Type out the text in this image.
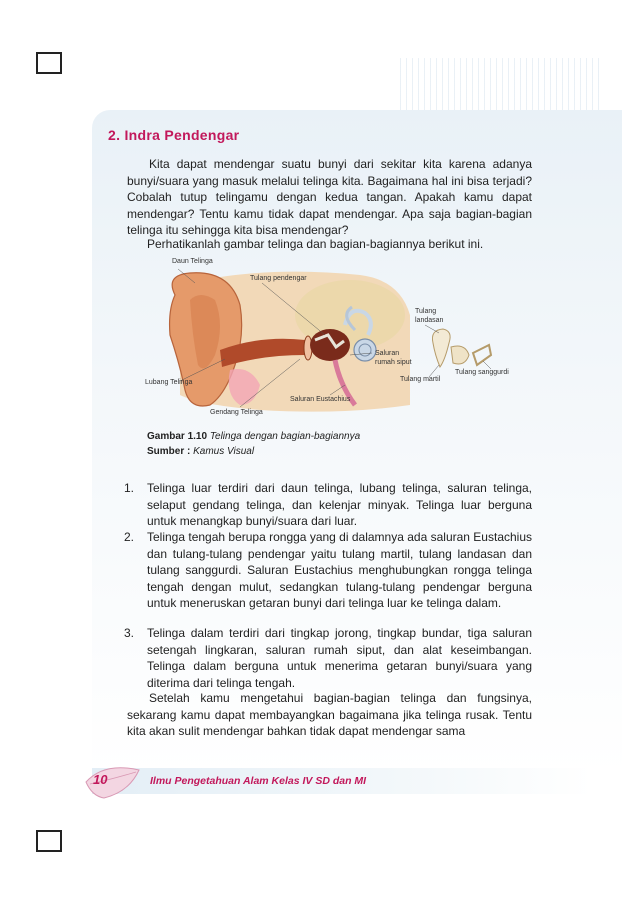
2. Indra Pendengar
Kita dapat mendengar suatu bunyi dari sekitar kita karena adanya bunyi/suara yang masuk melalui telinga kita. Bagaimana hal ini bisa terjadi? Cobalah tutup telingamu dengan kedua tangan. Apakah kamu dapat mendengar? Tentu kamu tidak dapat mendengar. Apa saja bagian-bagian telinga itu sehingga kita bisa mendengar?
Perhatikanlah gambar telinga dan bagian-bagiannya berikut ini.
Daun Telinga
Tulang pendengar
Saluran
rumah siput
Lubang Telinga
Saluran Eustachius
Gendang Telinga
Tulang
landasan
Tulang sanggurdi
Tulang martil
Gambar 1.10 Telinga dengan bagian-bagiannya
Sumber : Kamus Visual
1. Telinga luar terdiri dari daun telinga, lubang telinga, saluran telinga, selaput gendang telinga, dan kelenjar minyak. Telinga luar berguna untuk menangkap bunyi/suara dari luar.
2. Telinga tengah berupa rongga yang di dalamnya ada saluran Eustachius dan tulang-tulang pendengar yaitu tulang martil, tulang landasan dan tulang sanggurdi. Saluran Eustachius menghubungkan rongga telinga tengah dengan mulut, sedangkan tulang-tulang pendengar berguna untuk meneruskan getaran bunyi dari telinga luar ke telinga dalam.
3. Telinga dalam terdiri dari tingkap jorong, tingkap bundar, tiga saluran setengah lingkaran, saluran rumah siput, dan alat keseimbangan. Telinga dalam berguna untuk menerima getaran bunyi/suara yang diterima dari telinga tengah.
Setelah kamu mengetahui bagian-bagian telinga dan fungsinya, sekarang kamu dapat membayangkan bagaimana jika telinga rusak. Tentu kita akan sulit mendengar bahkan tidak dapat mendengar sama
10	Ilmu Pengetahuan Alam Kelas IV SD dan MI
